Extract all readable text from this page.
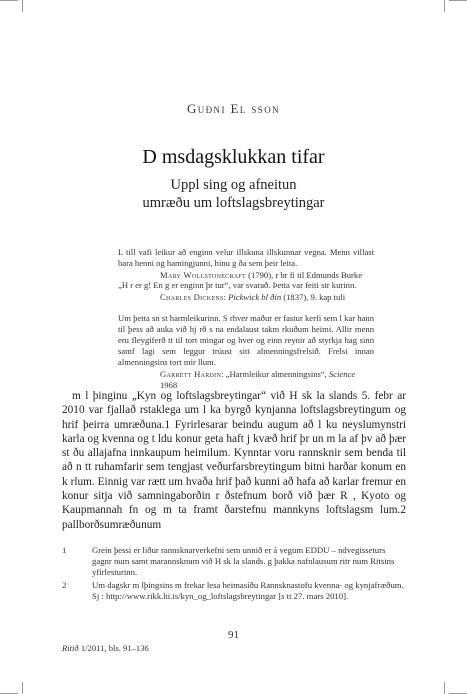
Guðni El sson
D msdagsklukkan tifar
Uppl sing og afneitun
umræðu um loftslagsbreytingar

L till vafi leikur að enginn velur illskuna illskunnar vegna. Menn villast bara henni og hamingjunni, hinu g ða sem þeir leita.

Mary Wollstonecraft (1790), r br fi til Edmunds Burke

„H r er g! En g er enginn þr tur“, var svarað. Þetta var feiti str kurinn.

Charles Dickens: Pickwick bl ðin (1837), 9. kap tuli

Um þetta sn st harmleikurinn. S rhver maður er fastur kerfi sem l kar hann til þess að auka við hj rð s na endalaust takm rkuðum heimi. Allir menn eru fleygiferð tt til tort mingar og hver og einn reynir að styrkja hag sinn samf lagi sem leggur trúust sitt almenningsfrelsið. Frelsi innan almenningsins tort mir llum.

Garrett Hardin: „Harmleikur almenningsins“, Science 1968

m l þinginu „Kyn og loftslagsbreytingar“ við H sk la slands 5. febr ar 2010 var fjallað rstaklega um l ka byrgð kynjanna loftslagsbreytingum og hrif þeirra umræðuna.1 Fyrirlesarar beindu augum að l ku neyslumynstri karla og kvenna og t ldu konur geta haft j kvæð hrif þr un m la af þv að þær st ðu allajafna innkaupum heimilum. Kynntar voru rannsknir sem benda til að n tt ruhamfarir sem tengjast veðurfarsbreytingum bitni harðar konum en k rlum. Einnig var rætt um hvaða hrif það kunni að hafa að karlar fremur en konur sitja við samningaborðin r ðstefnum borð við þær R , Kyoto og Kaupmannah fn og m ta framt ðarstefnu mannkyns loftslagsm lum.2 pallborðsumræðunum

1	Grein þessi er liður rannsknarverkefni sem unnið er á vegum EDDU – ndvegisseturs gagnr num samt marannsknum við H sk la slands. g þakka nafnlausum ritr num Ritsins yfirlesturinn.
2	Um dagskr m lþingsins m frekar lesa heimasíðu Rannsknastofu kvenna- og kynjafræðum. Sj : http://www.rikk.hi.is/kyn_og_loftslagsbreytingar [s tt 27. mars 2010].
91
Ritið 1/2011, bls. 91–136
